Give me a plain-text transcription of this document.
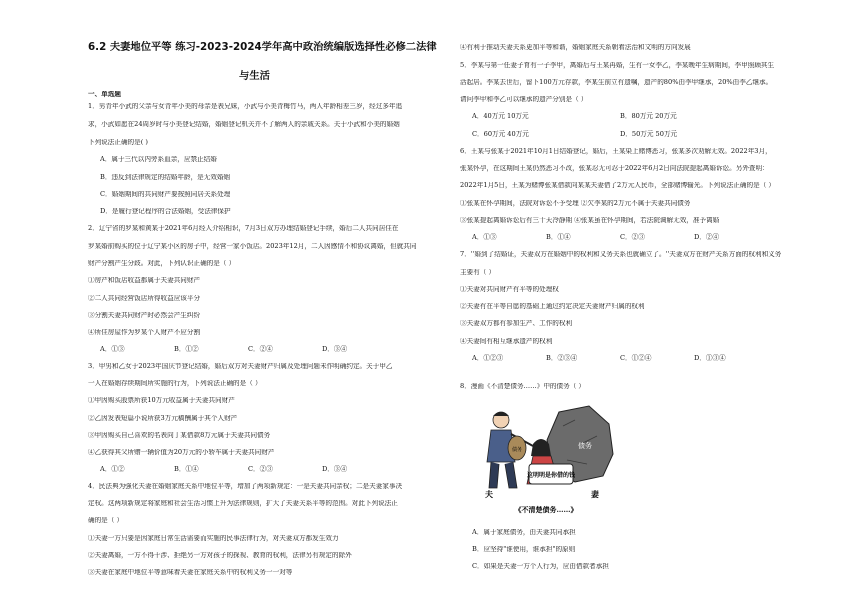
6.2 夫妻地位平等 练习-2023-2024学年高中政治统编版选择性必修二法律
与生活
一、单选题
1．男青年小武的父亲与女青年小美的母亲是表兄妹，小武与小美青梅竹马，两人年龄相差三岁，经过多年追
求，小武如愿在24周岁时与小美登记结婚，婚姻登记机关并不了解两人的亲戚关系。关于小武和小美的婚姻
下列说法正确的是( )
A．属于三代以内旁系血亲，应禁止结婚
B．违反到法律规定的结婚年龄，是无效婚姻
C．婚姻期间的共同财产要按照同居关系处理
D．是履行登记程序的合法婚姻，受法律保护
2．辽宁省的罗某和黄某于2021年6月经人介绍相识，7月3日双方办理结婚登记手续，婚后二人共同居住在
罗某婚前购买的位于辽宁某小区的房子中，经营一家小饭店。2023年12月，二人因感情不和协议离婚，但就共同
财产分割产生分歧。对此，下列认识正确的是（ ）
①房产和饭店收益都属于夫妻共同财产
②二人共同经营饭店所得收益应该平分
③分割夫妻共同财产时必然会产生纠纷
④所住房屋作为罗某个人财产不应分割
A．①③	B．①②	C．②④	D．③④
3．甲男和乙女于2023年国庆节登记结婚，婚后双方对夫妻财产归属及处理问题未作明确约定。关于甲乙
一人在婚姻存续期间所实施的行为，下列说法正确的是（ ）
①甲因购买股票所获10万元收益属于夫妻共同财产
②乙因发表短篇小说所获3万元稿酬属于其个人财产
③甲因购买自己喜欢的名表向丁某借款8万元属于夫妻共同债务
④乙获得其父所赠一辆价值为20万元的小轿车属于夫妻共同财产
A．①②	B．①④	C．②③	D．③④
4．民法典为强化夫妻在婚姻家庭关系中地位平等，增加了两项新规定：一是夫妻共同亲权；二是夫妻家事决
定权。这两项新规定将家庭和社会生活习惯上升为法律规则，扩大了夫妻关系平等的范围。对此下列说法正
确的是（ ）
①夫妻一方只要是因家庭日常生活需要而实施的民事法律行为，对夫妻双方都发生效力
②夫妻离婚，一方不得干涉、拒绝另一方对孩子的探视、教育的权利，法律另有规定的除外
③夫妻在家庭中地位平等意味着夫妻在家庭关系中的权利义务一一对等
④有利于推动夫妻关系更加平等和谐，婚姻家庭关系朝着法治和文明的方向发展
5．李某与第一任妻子育有一子李甲，离婚后与王某再婚，生有一女李乙，李某晚年生病期间，李甲照顾其生
活起居。李某去世后，留下100万元存款，李某生前立有遗嘱，遗产的80%由李甲继承，20%由李乙继承。
请问李甲和李乙可以继承的遗产分别是（ ）
A．40万元 10万元	B．80万元 20万元
C．60万元 40万元	D．50万元 50万元
6．王某与张某于2021年10月1日结婚登记，婚后，王某染上赌博恶习，张某多次劝解无效。2022年3月，
张某怀孕，在这期间王某仍然恶习不改，张某忍无可忍于2022年6月2日向法院提起离婚诉讼。另外查明：
2022年1月5日，王某为赌博张某借款向某某夫妻借了2万元人民币，全部赌博输光。下列说法正确的是（ ）
①张某在怀孕期间，法院对诉讼不予受理 ②欠李某的2万元不属于夫妻共同债务
③张某提起离婚诉讼后有三十天冷静期 ④张某虽在怀孕期间，若法院调解无效，准予离婚
A．①③	B．①④	C．②③	D．②④
7．''婚到了结婚证，夫妻双方在婚姻中的权利和义务关系也就确立了。''夫妻双方在财产关系方面的权利和义务
主要有（ ）
①夫妻对共同财产有平等的处理权
②夫妻有在平等自愿的基础上通过约定决定夫妻财产归属的权利
③夫妻双方都有参加生产、工作的权利
④夫妻间有相互继承遗产的权利
A．①②③	B．②③④	C．①②④	D．①③④
8．漫画《不清楚债务……》中的债务（ ）
债务
债务
这明明是你借的钱
夫	妻
《不清楚债务……》
A．属于家庭债务，由夫妻共同承担
B．应坚持"谁使用，谁承担"的原则
C．如果是夫妻一方个人行为，应由借款者承担
